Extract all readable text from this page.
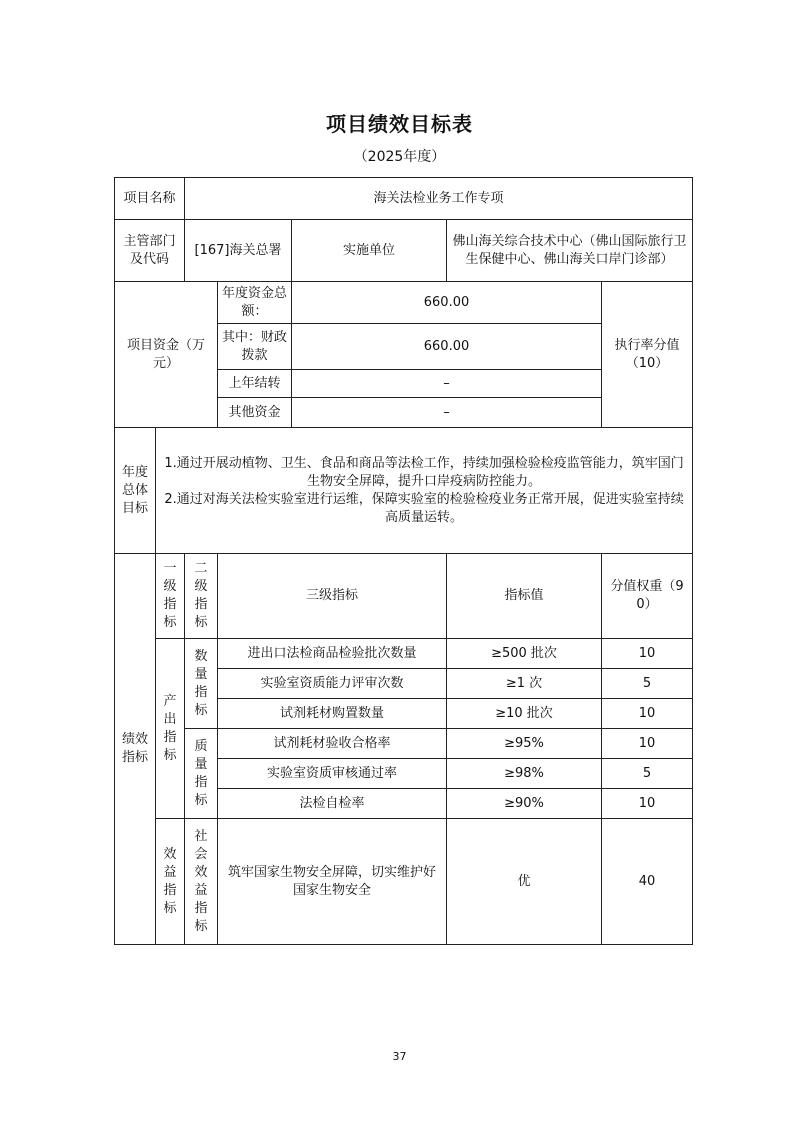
项目绩效目标表
（2025年度）
项目名称		海关法检业务工作专项				
主管部门及代码		[167]海关总署		实施单位	佛山海关综合技术中心（佛山国际旅行卫生保健中心、佛山海关口岸门诊部）	
项目资金（万元）			年度资金总额：	660.00		执行率分值（10）
			其中：财政拨款	660.00		
			上年结转	–		
			其他资金	–		
年度总体目标	1.通过开展动植物、卫生、食品和商品等法检工作，持续加强检验检疫监管能力，筑牢国门生物安全屏障，提升口岸疫病防控能力。
2.通过对海关法检实验室进行运维，保障实验室的检验检疫业务正常开展，促进实验室持续高质量运转。					

绩效指标	一级指标	二级指标	三级指标		指标值	分值权重（90）
	产出指标	数量指标	进出口法检商品检验批次数量		≥500 批次	10
			实验室资质能力评审次数		≥1 次	5
			试剂耗材购置数量		≥10 批次	10
		质量指标	试剂耗材验收合格率		≥95%	10
			实验室资质审核通过率		≥98%	5
			法检自检率		≥90%	10
	效益指标	社会效益指标	筑牢国家生物安全屏障，切实维护好国家生物安全		优	40
37
